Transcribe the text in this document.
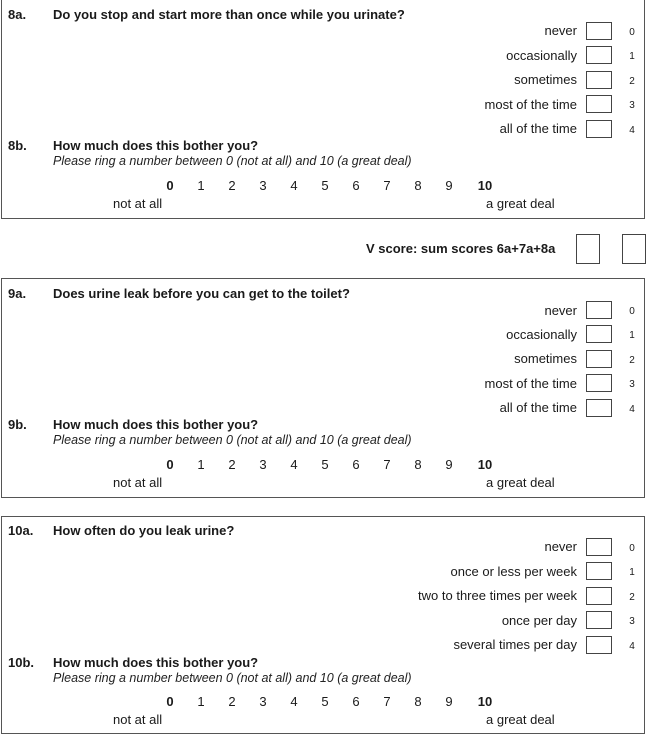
8a. Do you stop and start more than once while you urinate?
never	0
occasionally	1
sometimes	2
most of the time	3
all of the time	4
8b. How much does this bother you?
Please ring a number between 0 (not at all) and 10 (a great deal)
0	1	2	3	4	5	6	7	8	9	10
not at all	a great deal
V score: sum scores 6a+7a+8a
9a. Does urine leak before you can get to the toilet?
never	0
occasionally	1
sometimes	2
most of the time	3
all of the time	4
9b. How much does this bother you?
Please ring a number between 0 (not at all) and 10 (a great deal)
0	1	2	3	4	5	6	7	8	9	10
not at all	a great deal
10a. How often do you leak urine?
never	0
once or less per week	1
two to three times per week	2
once per day	3
several times per day	4
10b. How much does this bother you?
Please ring a number between 0 (not at all) and 10 (a great deal)
0	1	2	3	4	5	6	7	8	9	10
not at all	a great deal
